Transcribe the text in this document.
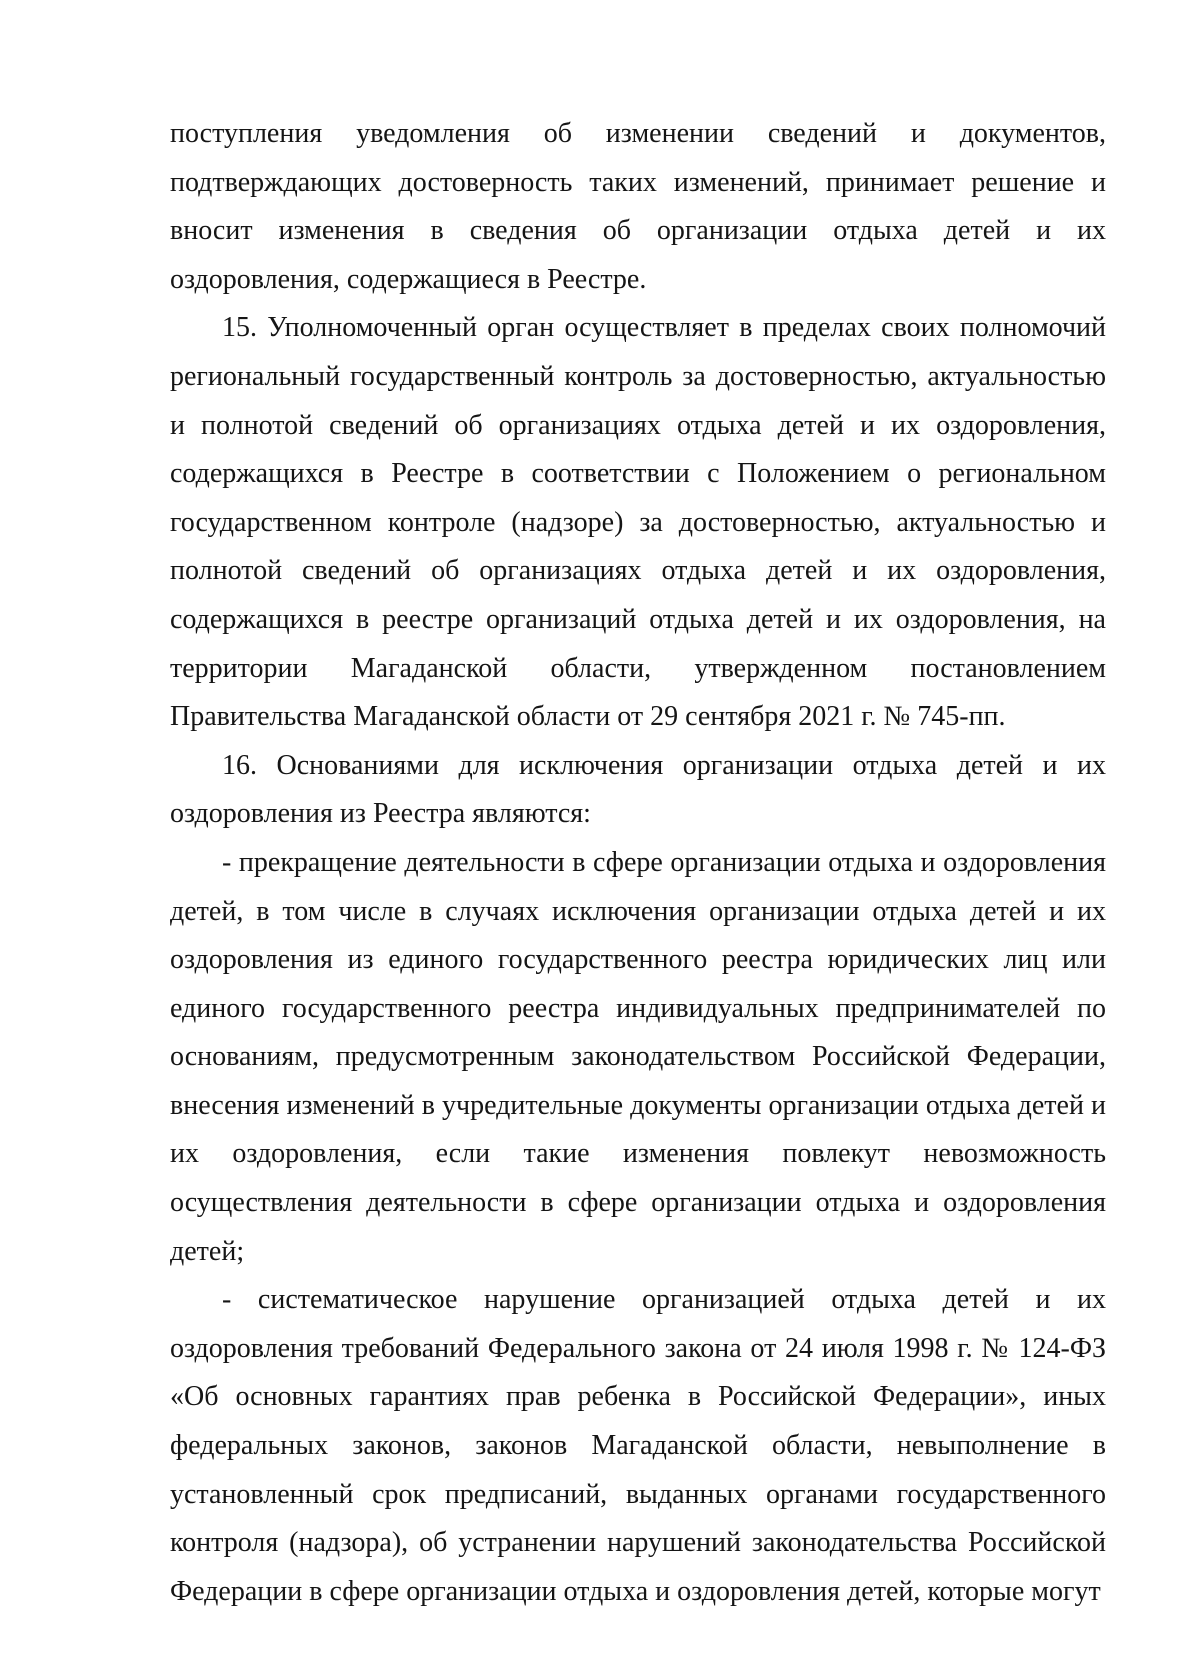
поступления уведомления об изменении сведений и документов, подтверждающих достоверность таких изменений, принимает решение и вносит изменения в сведения об организации отдыха детей и их оздоровления, содержащиеся в Реестре.

15. Уполномоченный орган осуществляет в пределах своих полномочий региональный государственный контроль за достоверностью, актуальностью и полнотой сведений об организациях отдыха детей и их оздоровления, содержащихся в Реестре в соответствии с Положением о региональном государственном контроле (надзоре) за достоверностью, актуальностью и полнотой сведений об организациях отдыха детей и их оздоровления, содержащихся в реестре организаций отдыха детей и их оздоровления, на территории Магаданской области, утвержденном постановлением Правительства Магаданской области от 29 сентября 2021 г. № 745-пп.

16. Основаниями для исключения организации отдыха детей и их оздоровления из Реестра являются:

- прекращение деятельности в сфере организации отдыха и оздоровления детей, в том числе в случаях исключения организации отдыха детей и их оздоровления из единого государственного реестра юридических лиц или единого государственного реестра индивидуальных предпринимателей по основаниям, предусмотренным законодательством Российской Федерации, внесения изменений в учредительные документы организации отдыха детей и их оздоровления, если такие изменения повлекут невозможность осуществления деятельности в сфере организации отдыха и оздоровления детей;

- систематическое нарушение организацией отдыха детей и их оздоровления требований Федерального закона от 24 июля 1998 г. № 124-ФЗ «Об основных гарантиях прав ребенка в Российской Федерации», иных федеральных законов, законов Магаданской области, невыполнение в установленный срок предписаний, выданных органами государственного контроля (надзора), об устранении нарушений законодательства Российской Федерации в сфере организации отдыха и оздоровления детей, которые могут
